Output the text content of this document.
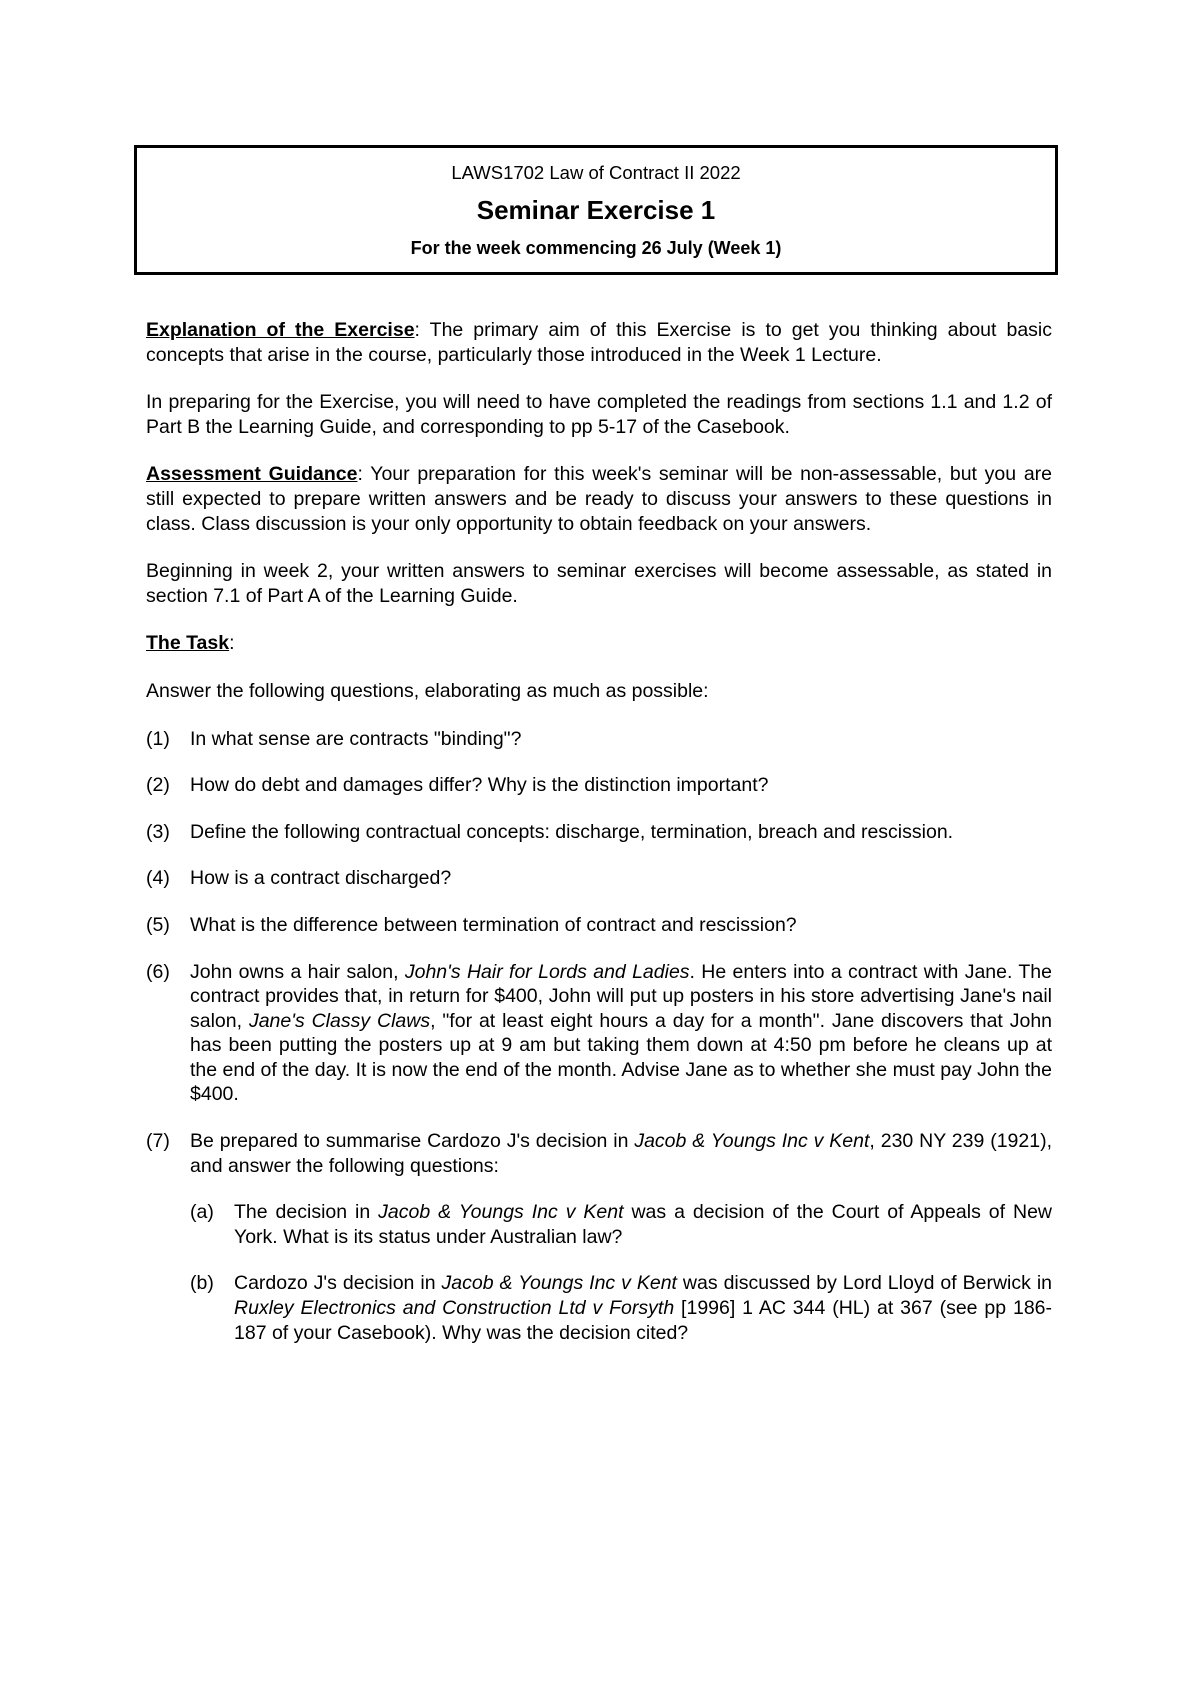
LAWS1702 Law of Contract II 2022
Seminar Exercise 1
For the week commencing 26 July (Week 1)

Explanation of the Exercise: The primary aim of this Exercise is to get you thinking about basic concepts that arise in the course, particularly those introduced in the Week 1 Lecture.

In preparing for the Exercise, you will need to have completed the readings from sections 1.1 and 1.2 of Part B the Learning Guide, and corresponding to pp 5-17 of the Casebook.

Assessment Guidance: Your preparation for this week's seminar will be non-assessable, but you are still expected to prepare written answers and be ready to discuss your answers to these questions in class. Class discussion is your only opportunity to obtain feedback on your answers.

Beginning in week 2, your written answers to seminar exercises will become assessable, as stated in section 7.1 of Part A of the Learning Guide.

The Task:

Answer the following questions, elaborating as much as possible:

(1)	In what sense are contracts "binding"?
(2)	How do debt and damages differ? Why is the distinction important?
(3)	Define the following contractual concepts: discharge, termination, breach and rescission.
(4)	How is a contract discharged?
(5)	What is the difference between termination of contract and rescission?
(6)	John owns a hair salon, John's Hair for Lords and Ladies. He enters into a contract with Jane. The contract provides that, in return for $400, John will put up posters in his store advertising Jane's nail salon, Jane's Classy Claws, "for at least eight hours a day for a month". Jane discovers that John has been putting the posters up at 9 am but taking them down at 4:50 pm before he cleans up at the end of the day. It is now the end of the month. Advise Jane as to whether she must pay John the $400.
(7)	Be prepared to summarise Cardozo J's decision in Jacob & Youngs Inc v Kent, 230 NY 239 (1921), and answer the following questions:

(a)	The decision in Jacob & Youngs Inc v Kent was a decision of the Court of Appeals of New York. What is its status under Australian law?
(b)	Cardozo J's decision in Jacob & Youngs Inc v Kent was discussed by Lord Lloyd of Berwick in Ruxley Electronics and Construction Ltd v Forsyth [1996] 1 AC 344 (HL) at 367 (see pp 186-187 of your Casebook). Why was the decision cited?
